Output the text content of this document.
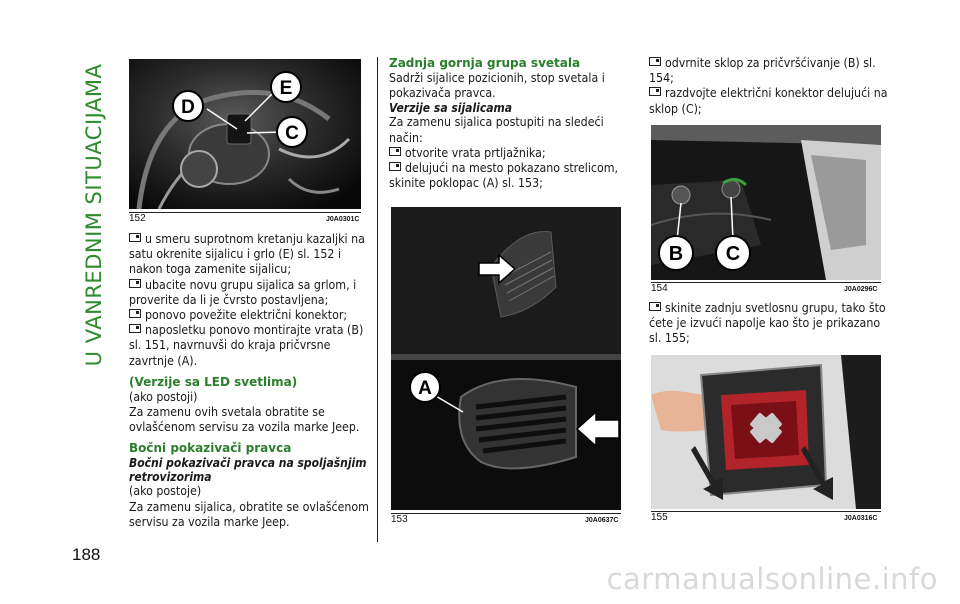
U VANREDNIM SITUACIJAMA
188
D
E
C
152	J0A0301C

u smeru suprotnom kretanju kazaljki na satu okrenite sijalicu i grlo (E) sl. 152 i nakon toga zamenite sijalicu;

ubacite novu grupu sijalica sa grlom, i proverite da li je čvrsto postavljena;

ponovo povežite električni konektor;

naposletku ponovo montirajte vrata (B) sl. 151, navrnuvši do kraja pričvrsne zavrtnje (A).

(Verzije sa LED svetlima)

(ako postoji)

Za zamenu ovih svetala obratite se ovlašćenom servisu za vozila marke Jeep.

Bočni pokazivači pravca

Bočni pokazivači pravca na spoljašnjim retrovizorima

(ako postoje)

Za zamenu sijalica, obratite se ovlašćenom servisu za vozila marke Jeep.

Zadnja gornja grupa svetala

Sadrži sijalice pozicionih, stop svetala i pokazivača pravca.

Verzije sa sijalicama

Za zamenu sijalica postupiti na sledeći način:

otvorite vrata prtljažnika;

delujući na mesto pokazano strelicom, skinite poklopac (A) sl. 153;

A
153	J0A0637C

odvrnite sklop za pričvršćivanje (B) sl. 154;

razdvojte električni konektor delujući na sklop (C);

B C
154	J0A0296C

skinite zadnju svetlosnu grupu, tako što ćete je izvući napolje kao što je prikazano sl. 155;

155	J0A0316C
carmanualsonline.info
